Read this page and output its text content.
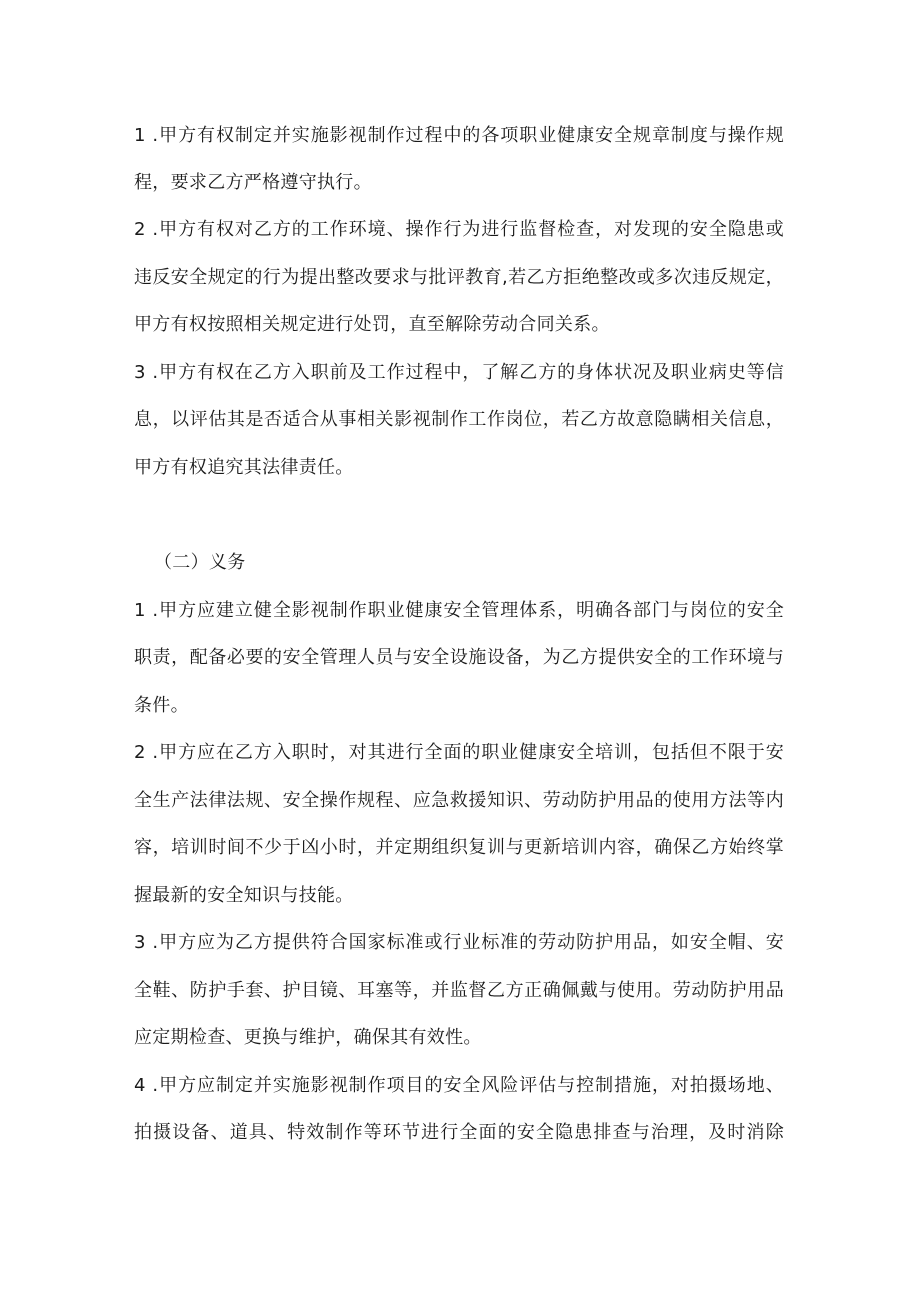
1 .甲方有权制定并实施影视制作过程中的各项职业健康安全规章制度与操作规
程，要求乙方严格遵守执行。
2 .甲方有权对乙方的工作环境、操作行为进行监督检查，对发现的安全隐患或
违反安全规定的行为提出整改要求与批评教育,若乙方拒绝整改或多次违反规定，
甲方有权按照相关规定进行处罚，直至解除劳动合同关系。
3 .甲方有权在乙方入职前及工作过程中，了解乙方的身体状况及职业病史等信
息，以评估其是否适合从事相关影视制作工作岗位，若乙方故意隐瞒相关信息，
甲方有权追究其法律责任。
（二）义务
1 .甲方应建立健全影视制作职业健康安全管理体系，明确各部门与岗位的安全
职责，配备必要的安全管理人员与安全设施设备，为乙方提供安全的工作环境与
条件。
2 .甲方应在乙方入职时，对其进行全面的职业健康安全培训，包括但不限于安
全生产法律法规、安全操作规程、应急救援知识、劳动防护用品的使用方法等内
容，培训时间不少于凶小时，并定期组织复训与更新培训内容，确保乙方始终掌
握最新的安全知识与技能。
3 .甲方应为乙方提供符合国家标准或行业标准的劳动防护用品，如安全帽、安
全鞋、防护手套、护目镜、耳塞等，并监督乙方正确佩戴与使用。劳动防护用品
应定期检查、更换与维护，确保其有效性。
4 .甲方应制定并实施影视制作项目的安全风险评估与控制措施，对拍摄场地、
拍摄设备、道具、特效制作等环节进行全面的安全隐患排查与治理，及时消除
